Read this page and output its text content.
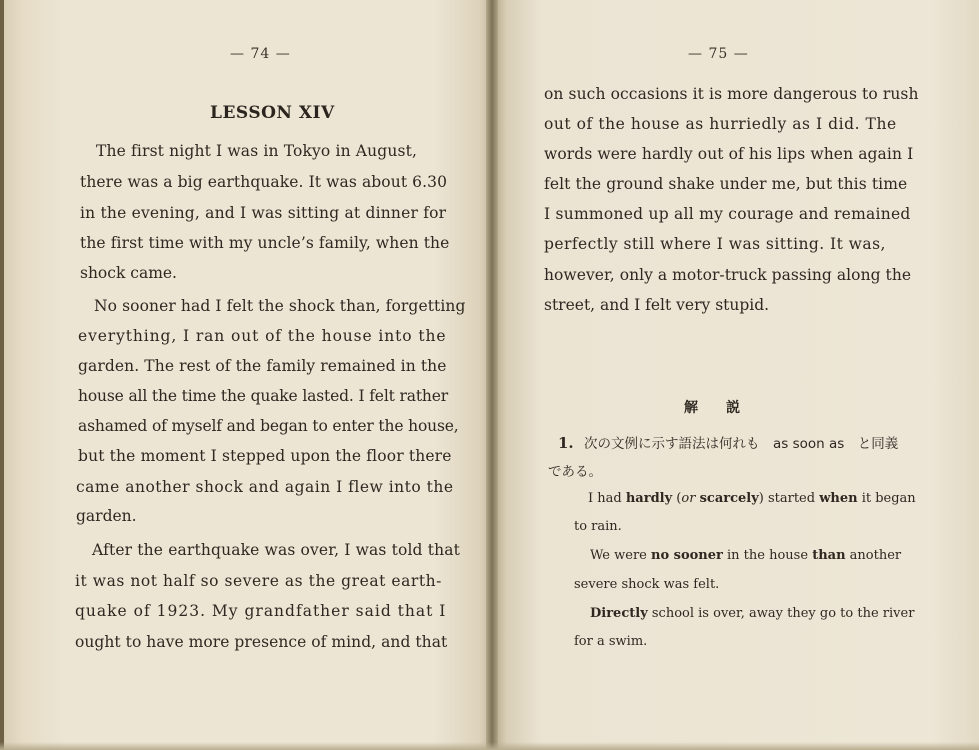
— 74 —
LESSON XIV
The first night I was in Tokyo in August,
there was a big earthquake. It was about 6.30
in the evening, and I was sitting at dinner for
the first time with my uncle’s family, when the
shock came.
No sooner had I felt the shock than, forgetting
everything, I ran out of the house into the
garden. The rest of the family remained in the
house all the time the quake lasted. I felt rather
ashamed of myself and began to enter the house,
but the moment I stepped upon the floor there
came another shock and again I flew into the
garden.
After the earthquake was over, I was told that
it was not half so severe as the great earth-
quake of 1923. My grandfather said that I
ought to have more presence of mind, and that
— 75 —
on such occasions it is more dangerous to rush
out of the house as hurriedly as I did. The
words were hardly out of his lips when again I
felt the ground shake under me, but this time
I summoned up all my courage and remained
perfectly still where I was sitting. It was,
however, only a motor-truck passing along the
street, and I felt very stupid.
解　　説
1. 次の文例に示す語法は何れも　as soon as　と同義
である。
I had hardly (or scarcely) started when it began
to rain.
We were no sooner in the house than another
severe shock was felt.
Directly school is over, away they go to the river
for a swim.
